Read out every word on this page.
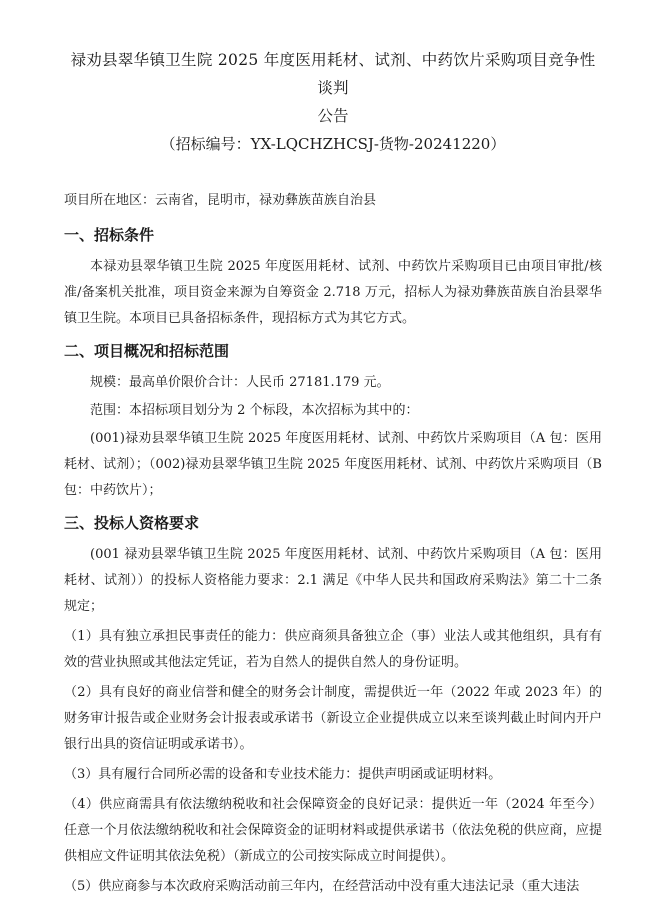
禄劝县翠华镇卫生院 2025 年度医用耗材、试剂、中药饮片采购项目竞争性谈判
公告
（招标编号：YX-LQCHZHCSJ-货物-20241220）

项目所在地区：云南省，昆明市，禄劝彝族苗族自治县

一、招标条件

本禄劝县翠华镇卫生院 2025 年度医用耗材、试剂、中药饮片采购项目已由项目审批/核准/备案机关批准，项目资金来源为自筹资金 2.718 万元，招标人为禄劝彝族苗族自治县翠华镇卫生院。本项目已具备招标条件，现招标方式为其它方式。

二、项目概况和招标范围

规模：最高单价限价合计：人民币 27181.179 元。

范围：本招标项目划分为 2 个标段，本次招标为其中的：

(001)禄劝县翠华镇卫生院 2025 年度医用耗材、试剂、中药饮片采购项目（A 包：医用耗材、试剂）；（002)禄劝县翠华镇卫生院 2025 年度医用耗材、试剂、中药饮片采购项目（B 包：中药饮片）；

三、投标人资格要求

(001 禄劝县翠华镇卫生院 2025 年度医用耗材、试剂、中药饮片采购项目（A 包：医用耗材、试剂））的投标人资格能力要求：2.1 满足《中华人民共和国政府采购法》第二十二条规定；

（1）具有独立承担民事责任的能力：供应商须具备独立企（事）业法人或其他组织，具有有效的营业执照或其他法定凭证，若为自然人的提供自然人的身份证明。

（2）具有良好的商业信誉和健全的财务会计制度，需提供近一年（2022 年或 2023 年）的财务审计报告或企业财务会计报表或承诺书（新设立企业提供成立以来至谈判截止时间内开户银行出具的资信证明或承诺书）。

（3）具有履行合同所必需的设备和专业技术能力：提供声明函或证明材料。

（4）供应商需具有依法缴纳税收和社会保障资金的良好记录：提供近一年（2024 年至今）任意一个月依法缴纳税收和社会保障资金的证明材料或提供承诺书（依法免税的供应商，应提供相应文件证明其依法免税）（新成立的公司按实际成立时间提供）。

（5）供应商参与本次政府采购活动前三年内，在经营活动中没有重大违法记录（重大违法
